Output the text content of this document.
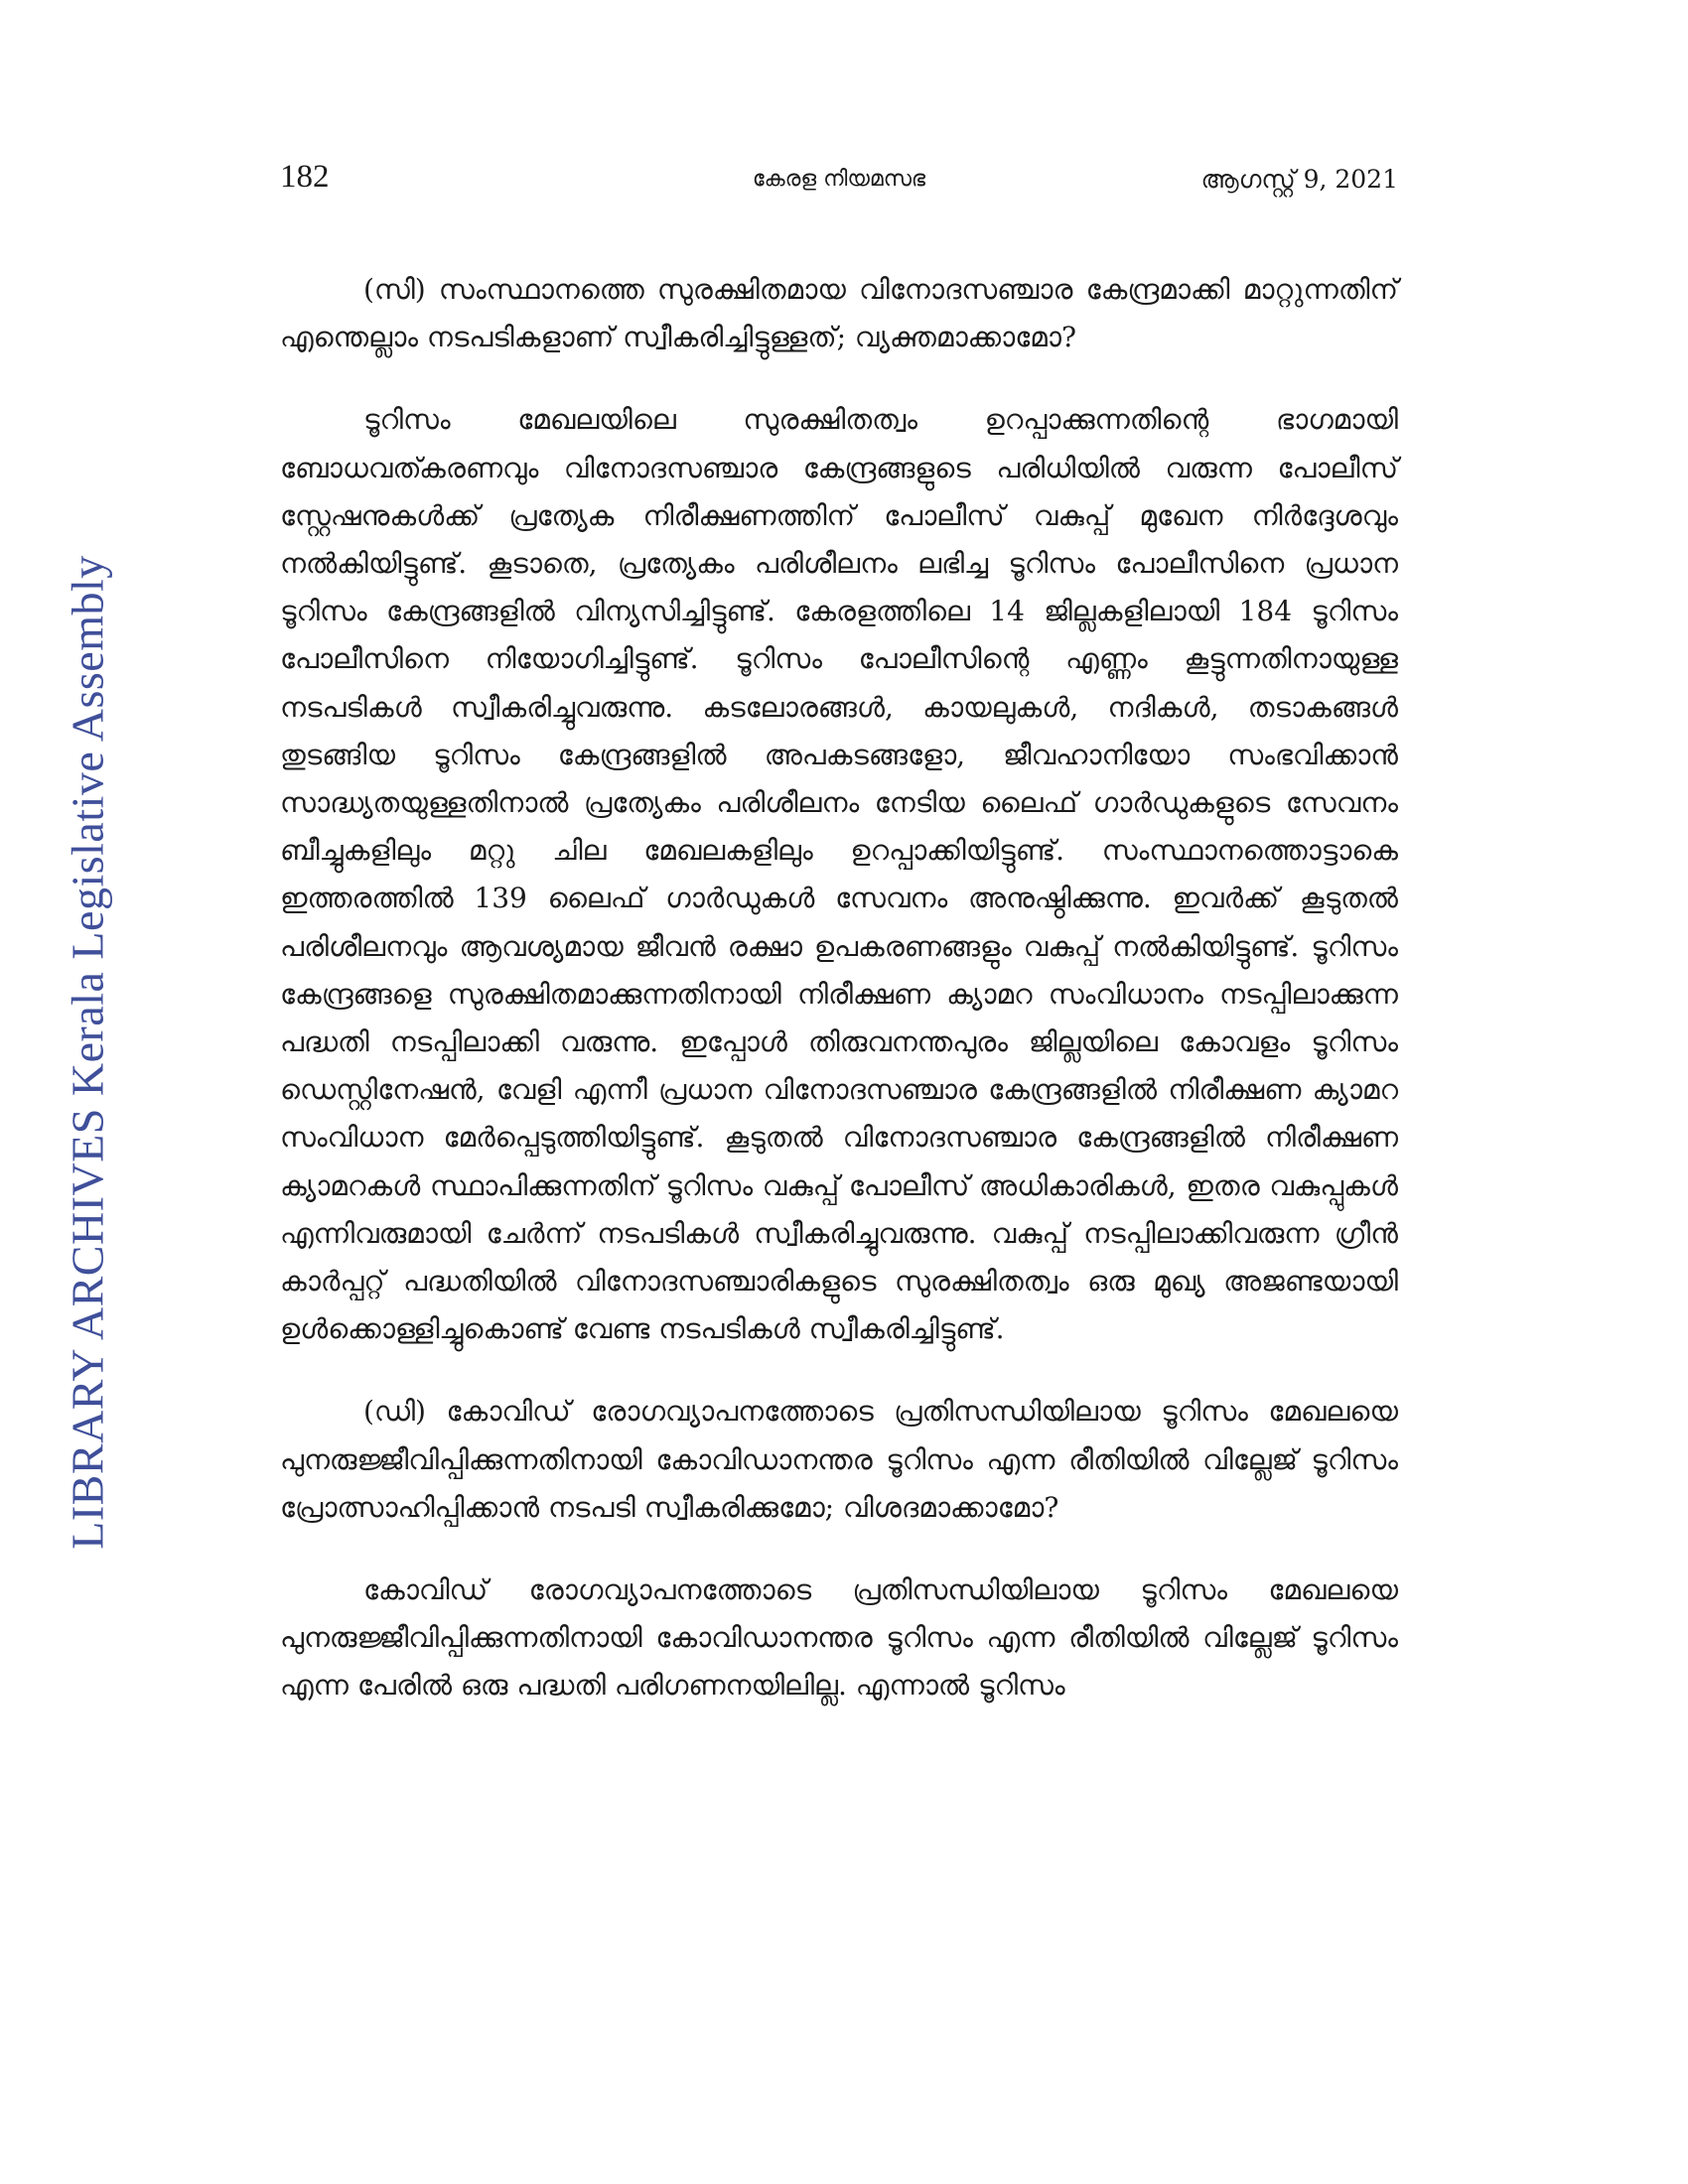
LIBRARY ARCHIVES Kerala Legislative Assembly
182	കേരള നിയമസഭ	ആഗസ്റ്റ് 9, 2021

(സി) സംസ്ഥാനത്തെ സുരക്ഷിതമായ വിനോദസഞ്ചാര കേന്ദ്രമാക്കി മാറ്റുന്നതിന് എന്തെല്ലാം നടപടികളാണ് സ്വീകരിച്ചിട്ടുള്ളത്; വ്യക്തമാക്കാമോ?

ടൂറിസം മേഖലയിലെ സുരക്ഷിതത്വം ഉറപ്പാക്കുന്നതിന്റെ ഭാഗമായി ബോധവത്കരണവും വിനോദസഞ്ചാര കേന്ദ്രങ്ങളുടെ പരിധിയിൽ വരുന്ന പോലീസ് സ്റ്റേഷനുകൾക്ക് പ്രത്യേക നിരീക്ഷണത്തിന് പോലീസ് വകുപ്പ് മുഖേന നിർദ്ദേശവും നൽകിയിട്ടുണ്ട്. കൂടാതെ, പ്രത്യേകം പരിശീലനം ലഭിച്ച ടൂറിസം പോലീസിനെ പ്രധാന ടൂറിസം കേന്ദ്രങ്ങളിൽ വിന്യസിച്ചിട്ടുണ്ട്. കേരളത്തിലെ 14 ജില്ലകളിലായി 184 ടൂറിസം പോലീസിനെ നിയോഗിച്ചിട്ടുണ്ട്. ടൂറിസം പോലീസിന്റെ എണ്ണം കൂട്ടുന്നതിനായുള്ള നടപടികൾ സ്വീകരിച്ചുവരുന്നു. കടലോരങ്ങൾ, കായലുകൾ, നദികൾ, തടാകങ്ങൾ തുടങ്ങിയ ടൂറിസം കേന്ദ്രങ്ങളിൽ അപകടങ്ങളോ, ജീവഹാനിയോ സംഭവിക്കാൻ സാദ്ധ്യതയുള്ളതിനാൽ പ്രത്യേകം പരിശീലനം നേടിയ ലൈഫ് ഗാർഡുകളുടെ സേവനം ബീച്ചുകളിലും മറ്റു ചില മേഖലകളിലും ഉറപ്പാക്കിയിട്ടുണ്ട്. സംസ്ഥാനത്തൊട്ടാകെ ഇത്തരത്തിൽ 139 ലൈഫ് ഗാർഡുകൾ സേവനം അനുഷ്ഠിക്കുന്നു. ഇവർക്ക് കൂടുതൽ പരിശീലനവും ആവശ്യമായ ജീവൻ രക്ഷാ ഉപകരണങ്ങളും വകുപ്പ് നൽകിയിട്ടുണ്ട്. ടൂറിസം കേന്ദ്രങ്ങളെ സുരക്ഷിതമാക്കുന്നതിനായി നിരീക്ഷണ ക്യാമറ സംവിധാനം നടപ്പിലാക്കുന്ന പദ്ധതി നടപ്പിലാക്കി വരുന്നു. ഇപ്പോൾ തിരുവനന്തപുരം ജില്ലയിലെ കോവളം ടൂറിസം ഡെസ്റ്റിനേഷൻ, വേളി എന്നീ പ്രധാന വിനോദസഞ്ചാര കേന്ദ്രങ്ങളിൽ നിരീക്ഷണ ക്യാമറ സംവിധാന മേർപ്പെടുത്തിയിട്ടുണ്ട്. കൂടുതൽ വിനോദസഞ്ചാര കേന്ദ്രങ്ങളിൽ നിരീക്ഷണ ക്യാമറകൾ സ്ഥാപിക്കുന്നതിന് ടൂറിസം വകുപ്പ് പോലീസ് അധികാരികൾ, ഇതര വകുപ്പുകൾ എന്നിവരുമായി ചേർന്ന് നടപടികൾ സ്വീകരിച്ചുവരുന്നു. വകുപ്പ് നടപ്പിലാക്കിവരുന്ന ഗ്രീൻ കാർപ്പറ്റ് പദ്ധതിയിൽ വിനോദസഞ്ചാരികളുടെ സുരക്ഷിതത്വം ഒരു മുഖ്യ അജണ്ടയായി ഉൾക്കൊള്ളിച്ചുകൊണ്ട് വേണ്ട നടപടികൾ സ്വീകരിച്ചിട്ടുണ്ട്.

(ഡി) കോവിഡ് രോഗവ്യാപനത്തോടെ പ്രതിസന്ധിയിലായ ടൂറിസം മേഖലയെ പുനരുജ്ജീവിപ്പിക്കുന്നതിനായി കോവിഡാനന്തര ടൂറിസം എന്ന രീതിയിൽ വില്ലേജ് ടൂറിസം പ്രോത്സാഹിപ്പിക്കാൻ നടപടി സ്വീകരിക്കുമോ; വിശദമാക്കാമോ?

കോവിഡ് രോഗവ്യാപനത്തോടെ പ്രതിസന്ധിയിലായ ടൂറിസം മേഖലയെ പുനരുജ്ജീവിപ്പിക്കുന്നതിനായി കോവിഡാനന്തര ടൂറിസം എന്ന രീതിയിൽ വില്ലേജ് ടൂറിസം എന്ന പേരിൽ ഒരു പദ്ധതി പരിഗണനയിലില്ല. എന്നാൽ ടൂറിസം
